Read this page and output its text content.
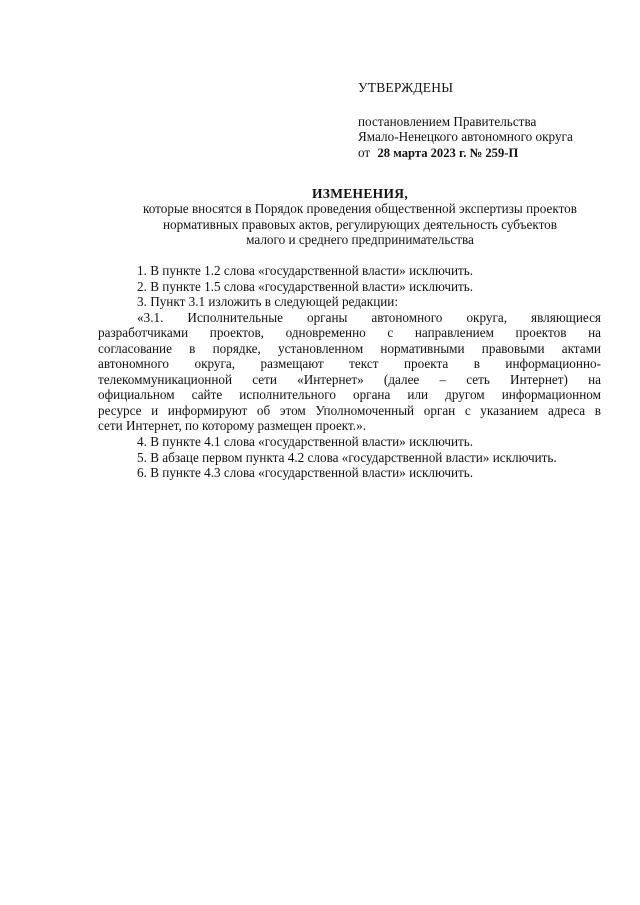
УТВЕРЖДЕНЫ
постановлением Правительства
Ямало-Ненецкого автономного округа
от 28 марта 2023 г. № 259-П
ИЗМЕНЕНИЯ,
которые вносятся в Порядок проведения общественной экспертизы проектов
нормативных правовых актов, регулирующих деятельность субъектов
малого и среднего предпринимательства

1. В пункте 1.2 слова «государственной власти» исключить.

2. В пункте 1.5 слова «государственной власти» исключить.

3. Пункт 3.1 изложить в следующей редакции:

«3.1. Исполнительные органы автономного округа, являющиеся
разработчиками проектов, одновременно с направлением проектов на
согласование в порядке, установленном нормативными правовыми актами
автономного округа, размещают текст проекта в информационно-
телекоммуникационной сети «Интернет» (далее – сеть Интернет) на
официальном сайте исполнительного органа или другом информационном
ресурсе и информируют об этом Уполномоченный орган с указанием адреса в
сети Интернет, по которому размещен проект.».

4. В пункте 4.1 слова «государственной власти» исключить.

5. В абзаце первом пункта 4.2 слова «государственной власти» исключить.

6. В пункте 4.3 слова «государственной власти» исключить.
